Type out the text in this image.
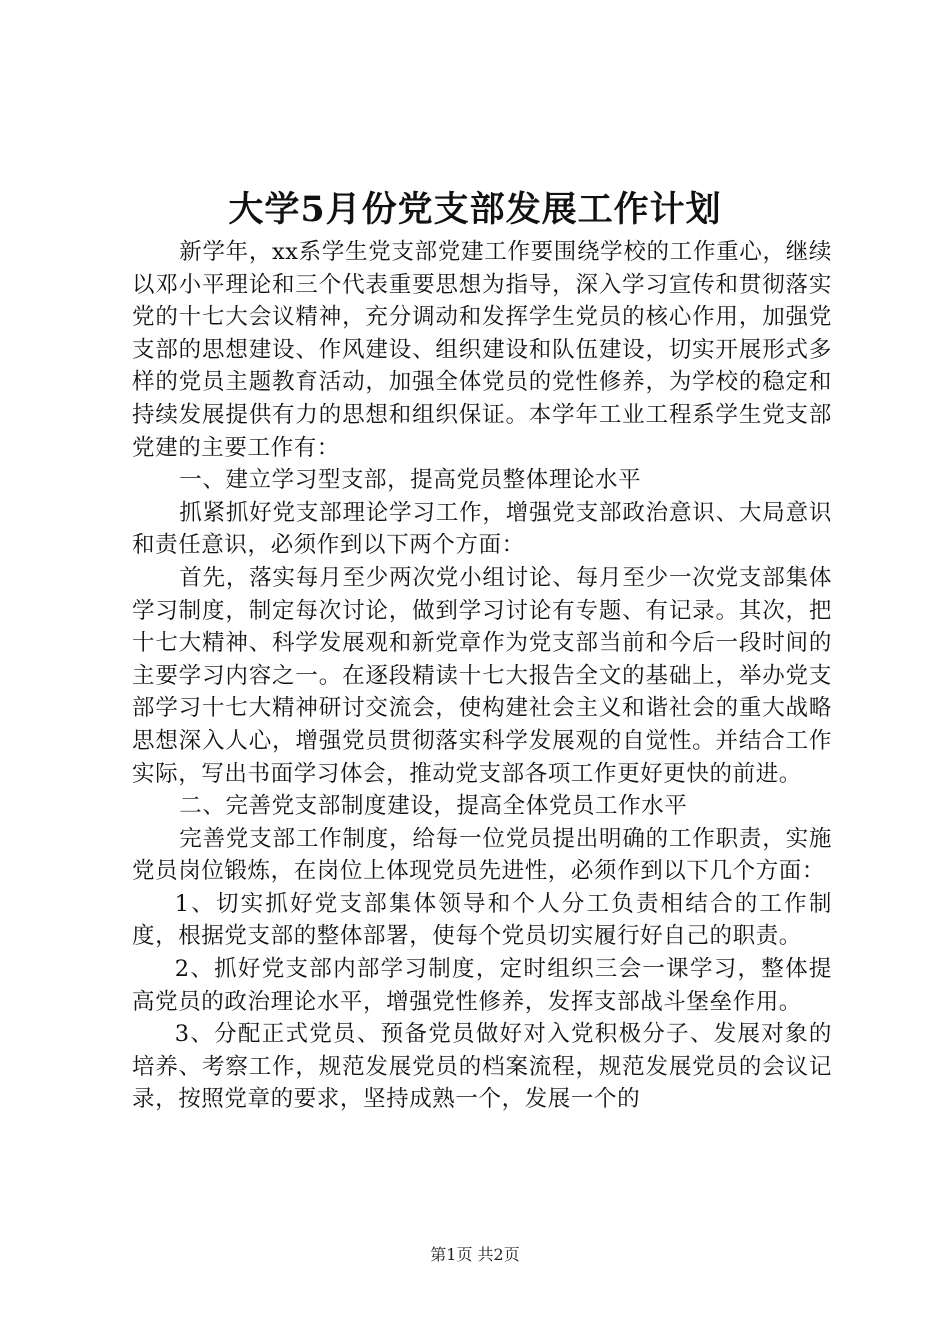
大学5月份党支部发展工作计划

新学年，xx系学生党支部党建工作要围绕学校的工作重心，继续以邓小平理论和三个代表重要思想为指导，深入学习宣传和贯彻落实党的十七大会议精神，充分调动和发挥学生党员的核心作用，加强党支部的思想建设、作风建设、组织建设和队伍建设，切实开展形式多样的党员主题教育活动，加强全体党员的党性修养，为学校的稳定和持续发展提供有力的思想和组织保证。本学年工业工程系学生党支部党建的主要工作有：

一、建立学习型支部，提高党员整体理论水平

抓紧抓好党支部理论学习工作，增强党支部政治意识、大局意识和责任意识，必须作到以下两个方面：

首先，落实每月至少两次党小组讨论、每月至少一次党支部集体学习制度，制定每次讨论，做到学习讨论有专题、有记录。其次，把十七大精神、科学发展观和新党章作为党支部当前和今后一段时间的主要学习内容之一。在逐段精读十七大报告全文的基础上，举办党支部学习十七大精神研讨交流会，使构建社会主义和谐社会的重大战略思想深入人心，增强党员贯彻落实科学发展观的自觉性。并结合工作实际，写出书面学习体会，推动党支部各项工作更好更快的前进。

二、完善党支部制度建设，提高全体党员工作水平

完善党支部工作制度，给每一位党员提出明确的工作职责，实施党员岗位锻炼，在岗位上体现党员先进性，必须作到以下几个方面：

1、切实抓好党支部集体领导和个人分工负责相结合的工作制度，根据党支部的整体部署，使每个党员切实履行好自己的职责。

2、抓好党支部内部学习制度，定时组织三会一课学习，整体提高党员的政治理论水平，增强党性修养，发挥支部战斗堡垒作用。

3、分配正式党员、预备党员做好对入党积极分子、发展对象的培养、考察工作，规范发展党员的档案流程，规范发展党员的会议记录，按照党章的要求，坚持成熟一个，发展一个的

第1页 共2页
